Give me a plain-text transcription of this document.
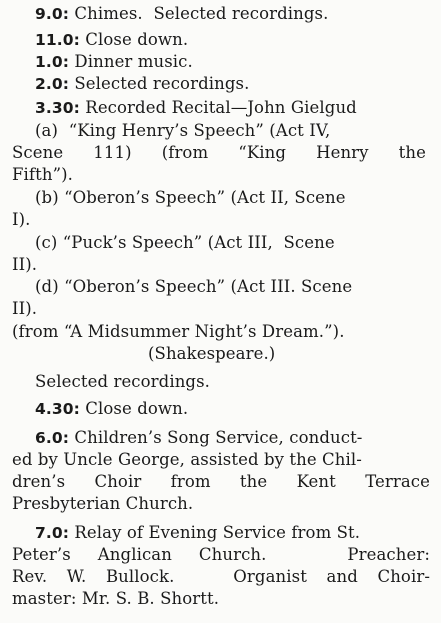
9.0: Chimes.  Selected recordings.
11.0: Close down.
1.0: Dinner music.
2.0: Selected recordings.
3.30: Recorded Recital—John Gielgud
(a)  “King Henry’s Speech” (Act IV,
Scene 111) (from “King Henry the
Fifth”).
(b) “Oberon’s Speech” (Act II, Scene
I).
(c) “Puck’s Speech” (Act III,  Scene
II).
(d) “Oberon’s Speech” (Act III. Scene
II).
(from “A Midsummer Night’s Dream.”).
(Shakespeare.)
Selected recordings.
4.30: Close down.
6.0: Children’s Song Service, conduct-
ed by Uncle George, assisted by the Chil-
dren’s Choir from the Kent Terrace
Presbyterian Church.
7.0: Relay of Evening Service from St.
Peter’s Anglican Church.   Preacher:
Rev. W. Bullock.   Organist and Choir-
master: Mr. S. B. Shortt.
